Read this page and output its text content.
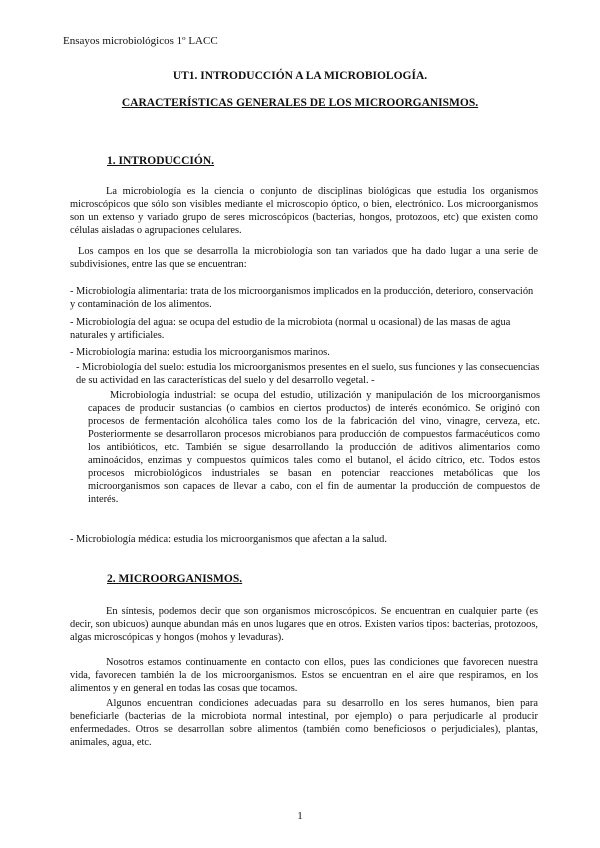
Ensayos microbiológicos 1º LACC
UT1. INTRODUCCIÓN A LA MICROBIOLOGÍA.
CARACTERÍSTICAS GENERALES DE LOS MICROORGANISMOS.
1. INTRODUCCIÓN.
La microbiología es la ciencia o conjunto de disciplinas biológicas que estudia los organismos microscópicos que sólo son visibles mediante el microscopio óptico, o bien, electrónico. Los microorganismos son un extenso y variado grupo de seres microscópicos (bacterias, hongos, protozoos, etc) que existen como células aisladas o agrupaciones celulares.
Los campos en los que se desarrolla la microbiología son tan variados que ha dado lugar a una serie de subdivisiones, entre las que se encuentran:
- Microbiología alimentaria: trata de los microorganismos implicados en la producción, deterioro, conservación y contaminación de los alimentos.
- Microbiología del agua: se ocupa del estudio de la microbiota (normal u ocasional) de las masas de agua naturales y artificiales.
- Microbiología marina: estudia los microorganismos marinos.
- Microbiología del suelo: estudia los microorganismos presentes en el suelo, sus funciones y las consecuencias de su actividad en las características del suelo y del desarrollo vegetal. -
Microbiología industrial: se ocupa del estudio, utilización y manipulación de los microorganismos capaces de producir sustancias (o cambios en ciertos productos) de interés económico. Se originó con procesos de fermentación alcohólica tales como los de la fabricación del vino, vinagre, cerveza, etc. Posteriormente se desarrollaron procesos microbianos para producción de compuestos farmacéuticos como los antibióticos, etc. También se sigue desarrollando la producción de aditivos alimentarios como aminoácidos, enzimas y compuestos químicos tales como el butanol, el ácido cítrico, etc. Todos estos procesos microbiológicos industriales se basan en potenciar reacciones metabólicas que los microorganismos son capaces de llevar a cabo, con el fin de aumentar la producción de compuestos de interés.
- Microbiología médica: estudia los microorganismos que afectan a la salud.
2. MICROORGANISMOS.
En síntesis, podemos decir que son organismos microscópicos. Se encuentran en cualquier parte (es decir, son ubicuos) aunque abundan más en unos lugares que en otros. Existen varios tipos: bacterias, protozoos, algas microscópicas y hongos (mohos y levaduras).
Nosotros estamos continuamente en contacto con ellos, pues las condiciones que favorecen nuestra vida, favorecen también la de los microorganismos. Estos se encuentran en el aire que respiramos, en los alimentos y en general en todas las cosas que tocamos.
Algunos encuentran condiciones adecuadas para su desarrollo en los seres humanos, bien para beneficiarle (bacterias de la microbiota normal intestinal, por ejemplo) o para perjudicarle al producir enfermedades. Otros se desarrollan sobre alimentos (también como beneficiosos o perjudiciales), plantas, animales, agua, etc.
1
